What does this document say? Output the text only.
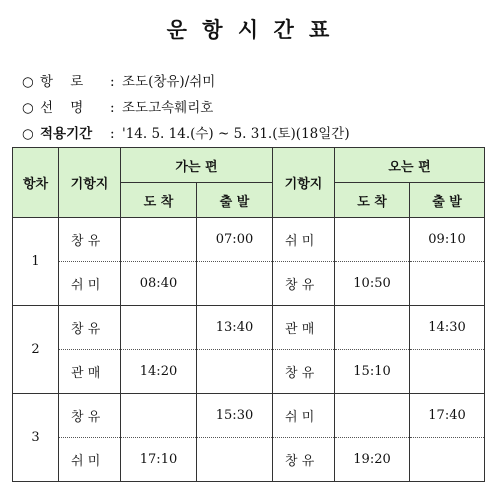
운 항 시 간 표
○ 항    로 : 조도(창유)/쉬미
○ 선    명 : 조도고속훼리호
○ 적용기간 : '14. 5. 14.(수) ~ 5. 31.(토)(18일간)
항차	기항지	가는 편		기항지	오는 편	
		도 착	출 발		도 착	출 발
1	창 유		07:00	쉬 미		09:10
	쉬 미	08:40		창 유	10:50	
2	창 유		13:40	관 매		14:30
	관 매	14:20		창 유	15:10	
3	창 유		15:30	쉬 미		17:40
	쉬 미	17:10		창 유	19:20	
